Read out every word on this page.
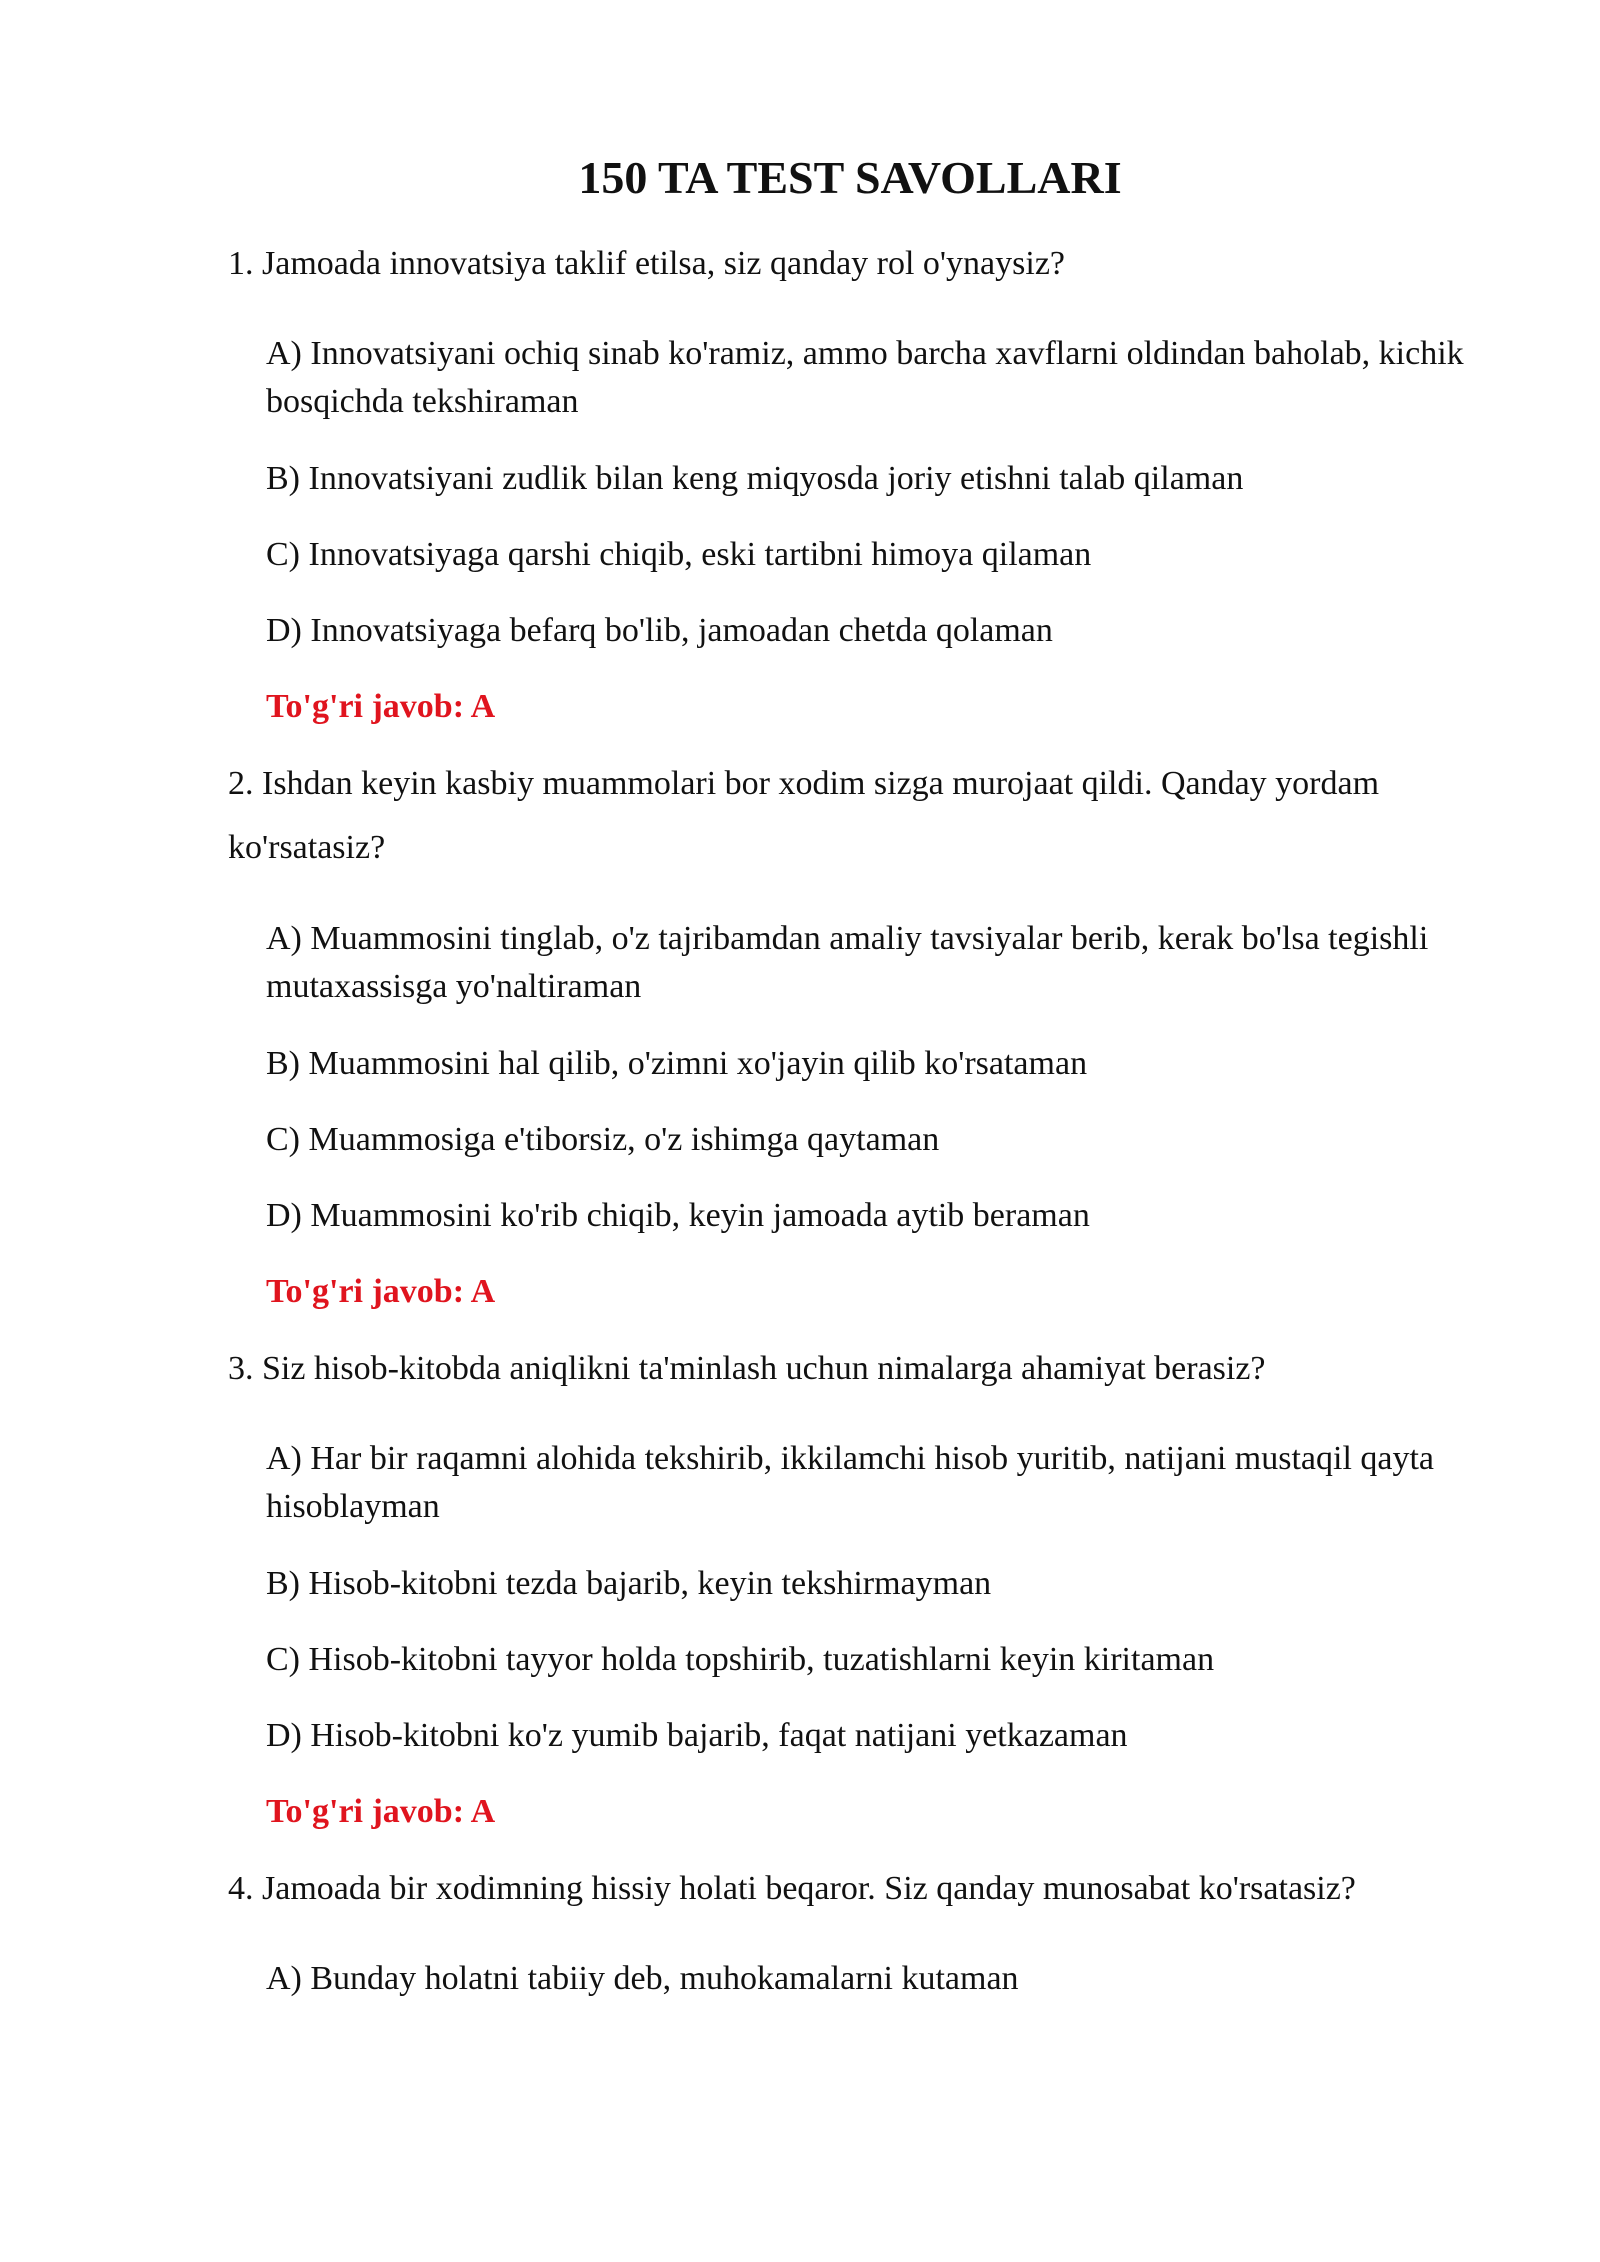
150 TA TEST SAVOLLARI
1. Jamoada innovatsiya taklif etilsa, siz qanday rol o'ynaysiz?
A) Innovatsiyani ochiq sinab ko'ramiz, ammo barcha xavflarni oldindan baholab, kichik bosqichda tekshiraman
B) Innovatsiyani zudlik bilan keng miqyosda joriy etishni talab qilaman
C) Innovatsiyaga qarshi chiqib, eski tartibni himoya qilaman
D) Innovatsiyaga befarq bo'lib, jamoadan chetda qolaman
To'g'ri javob: A
2. Ishdan keyin kasbiy muammolari bor xodim sizga murojaat qildi. Qanday yordam ko'rsatasiz?
A) Muammosini tinglab, o'z tajribamdan amaliy tavsiyalar berib, kerak bo'lsa tegishli mutaxassisga yo'naltiraman
B) Muammosini hal qilib, o'zimni xo'jayin qilib ko'rsataman
C) Muammosiga e'tiborsiz, o'z ishimga qaytaman
D) Muammosini ko'rib chiqib, keyin jamoada aytib beraman
To'g'ri javob: A
3. Siz hisob-kitobda aniqlikni ta'minlash uchun nimalarga ahamiyat berasiz?
A) Har bir raqamni alohida tekshirib, ikkilamchi hisob yuritib, natijani mustaqil qayta hisoblayman
B) Hisob-kitobni tezda bajarib, keyin tekshirmayman
C) Hisob-kitobni tayyor holda topshirib, tuzatishlarni keyin kiritaman
D) Hisob-kitobni ko'z yumib bajarib, faqat natijani yetkazaman
To'g'ri javob: A
4. Jamoada bir xodimning hissiy holati beqaror. Siz qanday munosabat ko'rsatasiz?
A) Bunday holatni tabiiy deb, muhokamalarni kutaman
